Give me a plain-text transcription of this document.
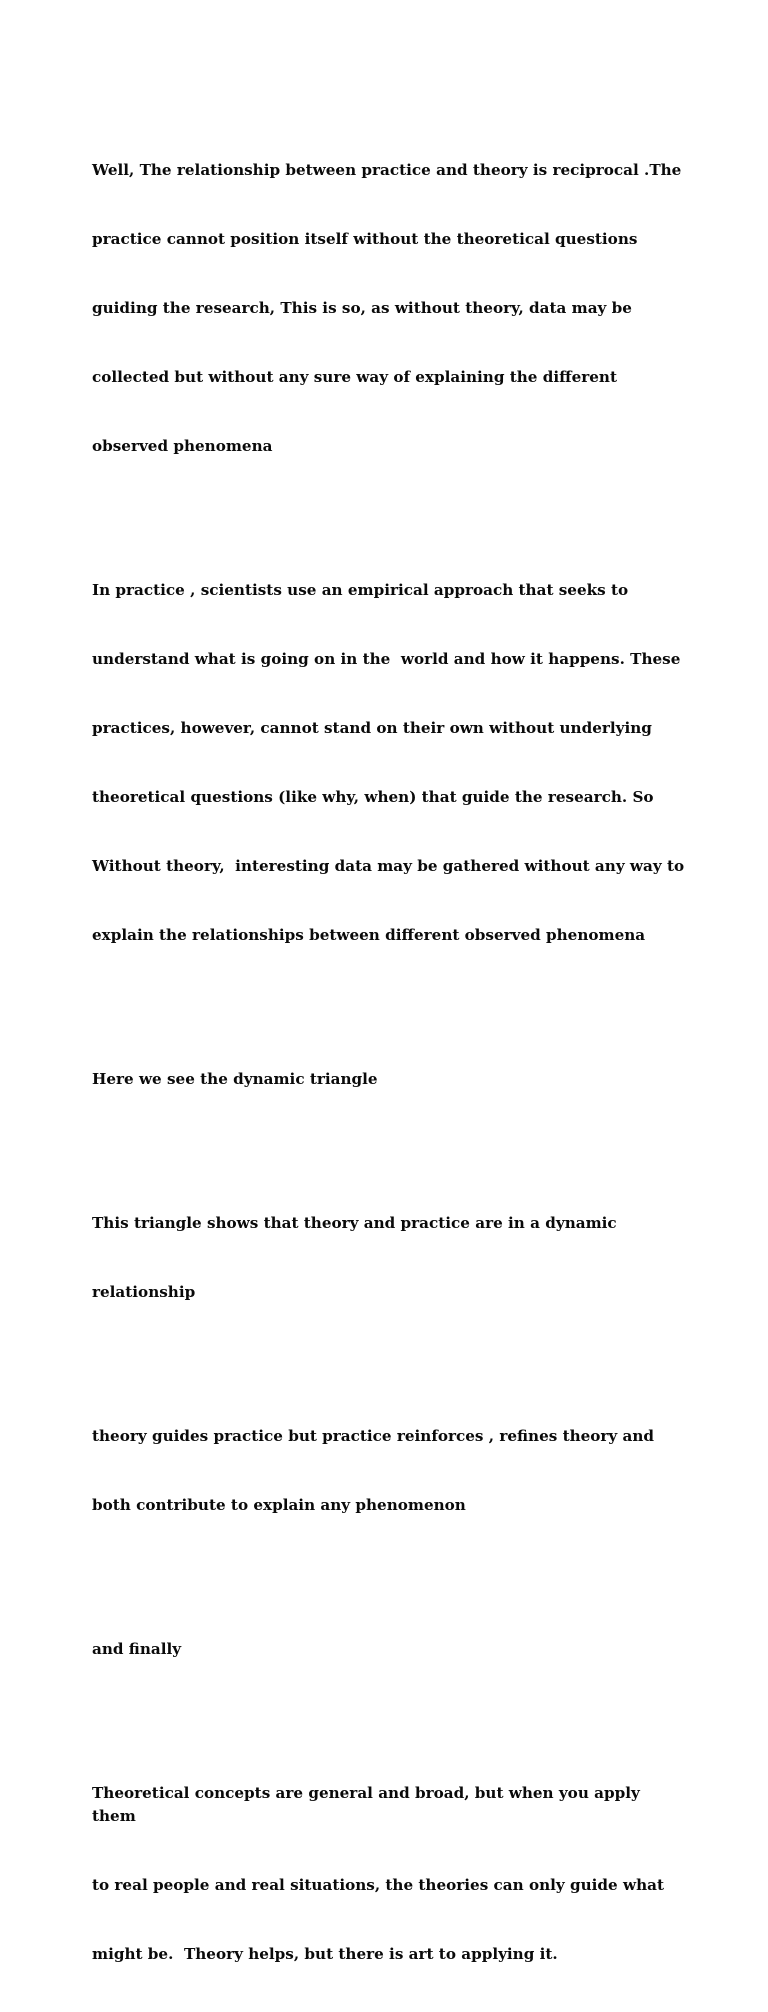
Well, The relationship between practice and theory is reciprocal .The

practice cannot position itself without the theoretical questions

guiding the research, This is so, as without theory, data may be

collected but without any sure way of explaining the different

observed phenomena

In practice , scientists use an empirical approach that seeks to

understand what is going on in the  world and how it happens. These

practices, however, cannot stand on their own without underlying

theoretical questions (like why, when) that guide the research. So

Without theory,  interesting data may be gathered without any way to

explain the relationships between different observed phenomena

Here we see the dynamic triangle

This triangle shows that theory and practice are in a dynamic

relationship

theory guides practice but practice reinforces , refines theory and

both contribute to explain any phenomenon

and finally

Theoretical concepts are general and broad, but when you apply them

to real people and real situations, the theories can only guide what

might be.  Theory helps, but there is art to applying it.
